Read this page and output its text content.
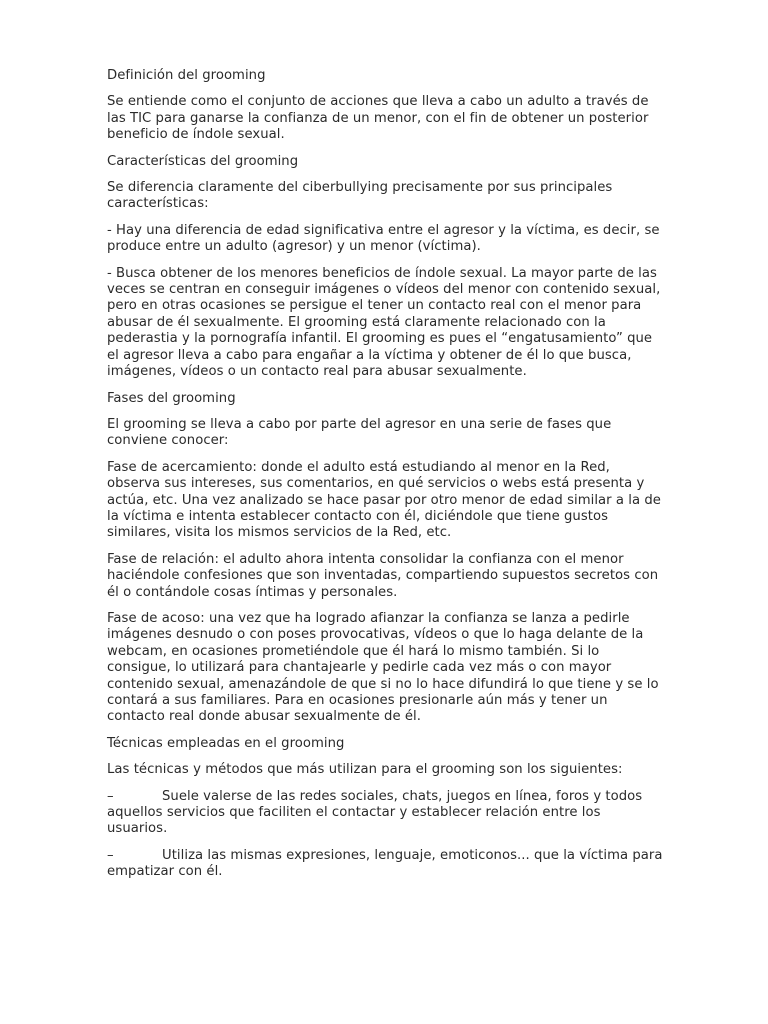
Definición del grooming

Se entiende como el conjunto de acciones que lleva a cabo un adulto a través de las TIC para ganarse la confianza de un menor, con el fin de obtener un posterior beneficio de índole sexual.

Características del grooming

Se diferencia claramente del ciberbullying precisamente por sus principales características:

- Hay una diferencia de edad significativa entre el agresor y la víctima, es decir, se produce entre un adulto (agresor) y un menor (víctima).

- Busca obtener de los menores beneficios de índole sexual. La mayor parte de las veces se centran en conseguir imágenes o vídeos del menor con contenido sexual, pero en otras ocasiones se persigue el tener un contacto real con el menor para abusar de él sexualmente. El grooming está claramente relacionado con la pederastia y la pornografía infantil. El grooming es pues el “engatusamiento” que el agresor lleva a cabo para engañar a la víctima y obtener de él lo que busca, imágenes, vídeos o un contacto real para abusar sexualmente.

Fases del grooming

El grooming se lleva a cabo por parte del agresor en una serie de fases que conviene conocer:

Fase de acercamiento: donde el adulto está estudiando al menor en la Red, observa sus intereses, sus comentarios, en qué servicios o webs está presenta y actúa, etc. Una vez analizado se hace pasar por otro menor de edad similar a la de la víctima e intenta establecer contacto con él, diciéndole que tiene gustos similares, visita los mismos servicios de la Red, etc.

Fase de relación: el adulto ahora intenta consolidar la confianza con el menor haciéndole confesiones que son inventadas, compartiendo supuestos secretos con él o contándole cosas íntimas y personales.

Fase de acoso: una vez que ha logrado afianzar la confianza se lanza a pedirle imágenes desnudo o con poses provocativas, vídeos o que lo haga delante de la webcam, en ocasiones prometiéndole que él hará lo mismo también. Si lo consigue, lo utilizará para chantajearle y pedirle cada vez más o con mayor contenido sexual, amenazándole de que si no lo hace difundirá lo que tiene y se lo contará a sus familiares. Para en ocasiones presionarle aún más y tener un contacto real donde abusar sexualmente de él.

Técnicas empleadas en el grooming

Las técnicas y métodos que más utilizan para el grooming son los siguientes:

–	Suele valerse de las redes sociales, chats, juegos en línea, foros y todos aquellos servicios que faciliten el contactar y establecer relación entre los usuarios.

–	Utiliza las mismas expresiones, lenguaje, emoticonos... que la víctima para empatizar con él.
